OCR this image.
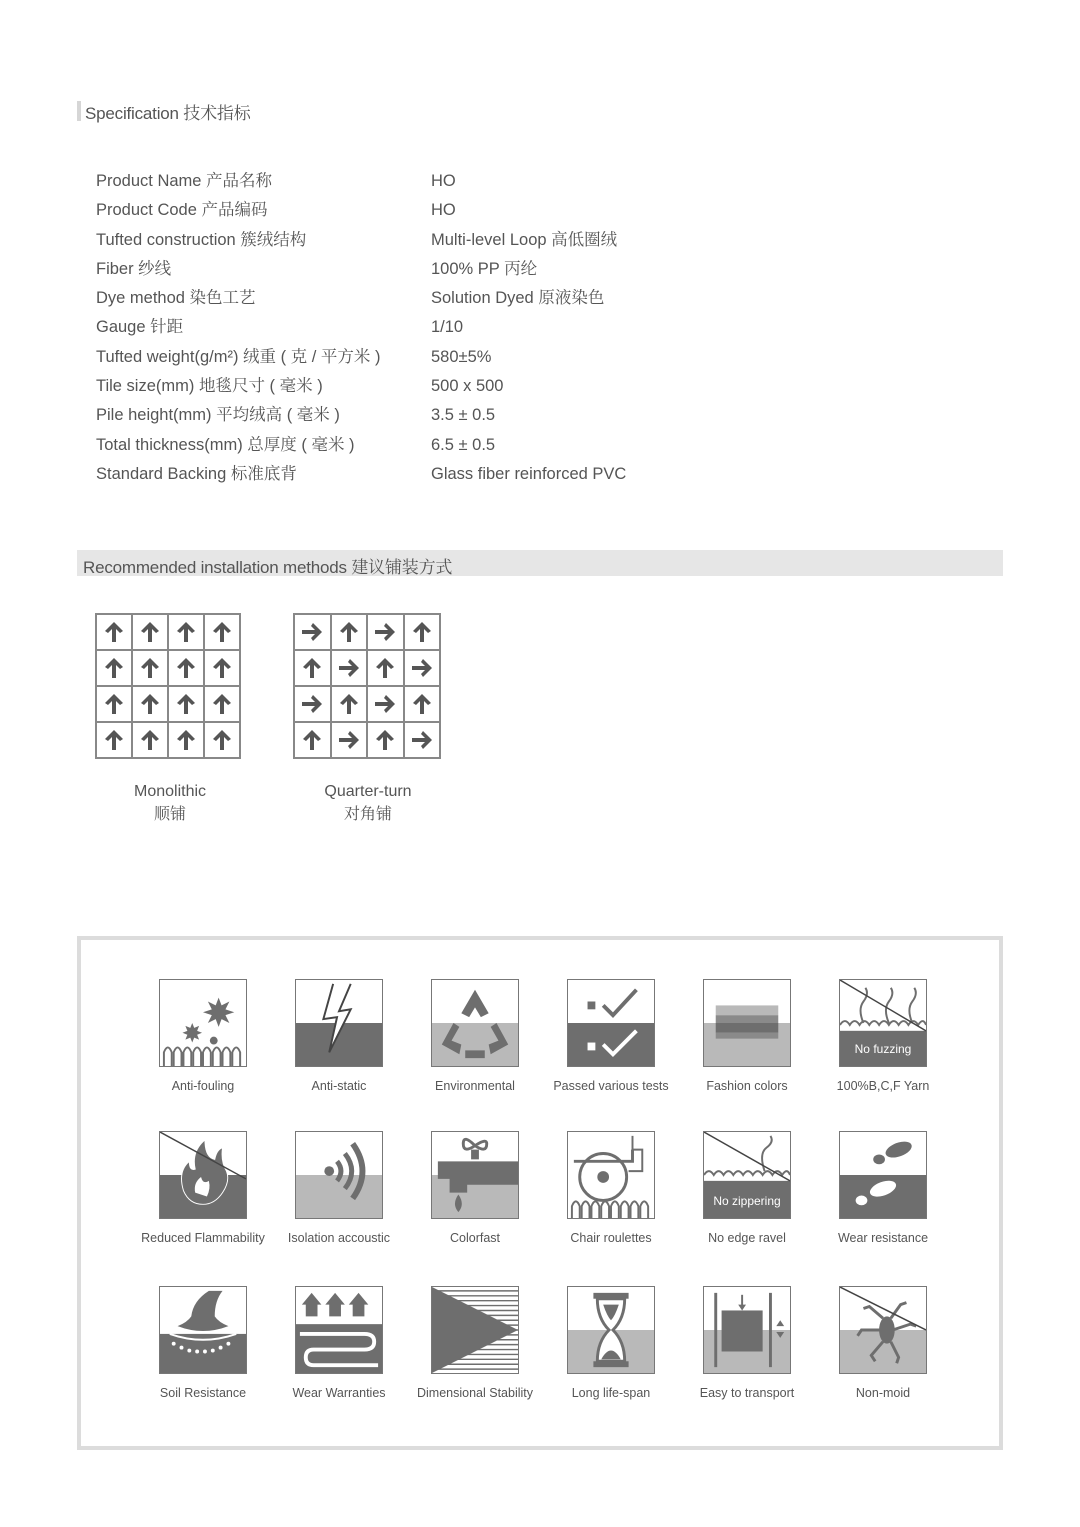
Specification 技术指标
Product Name 产品名称	HO
Product Code 产品编码	HO
Tufted construction 簇绒结构	Multi-level Loop 高低圈绒
Fiber 纱线	100% PP 丙纶
Dye method 染色工艺	Solution Dyed 原液染色
Gauge 针距	1/10
Tufted weight(g/m²) 绒重 ( 克 / 平方米 )	580±5%
Tile size(mm) 地毯尺寸 ( 毫米 )	500 x 500
Pile height(mm) 平均绒高 ( 毫米 )	3.5 ± 0.5
Total thickness(mm) 总厚度 ( 毫米 )	6.5 ± 0.5
Standard Backing 标准底背	Glass fiber reinforced PVC
Recommended installation methods 建议铺装方式
Monolithic
顺铺
Quarter-turn
对角铺
Anti-fouling	Anti-static	Environmental	Passed various tests	Fashion colors
No fuzzing
100%B,C,F Yarn
Reduced Flammability	Isolation accoustic	Colorfast	Chair roulettes
No zippering
No edge ravel	Wear resistance
Soil Resistance	Wear Warranties	Dimensional Stability	Long life-span	Easy to transport	Non-moid
